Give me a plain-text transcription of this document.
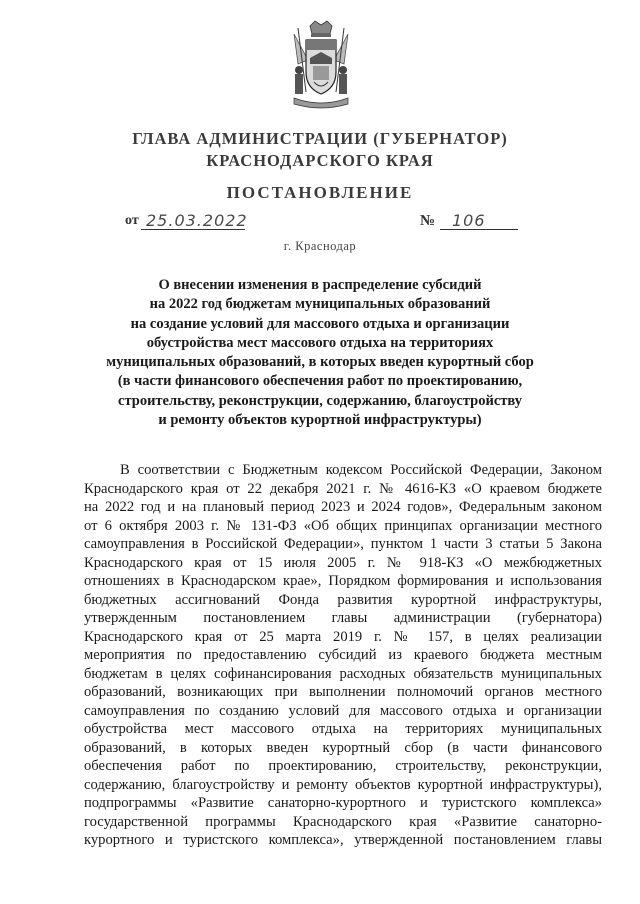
ГЛАВА АДМИНИСТРАЦИИ (ГУБЕРНАТОР)
КРАСНОДАРСКОГО КРАЯ
ПОСТАНОВЛЕНИЕ
от 25.03.2022	№ 106
г. Краснодар
О внесении изменения в распределение субсидий
на 2022 год бюджетам муниципальных образований
на создание условий для массового отдыха и организации
обустройства мест массового отдыха на территориях
муниципальных образований, в которых введен курортный сбор
(в части финансового обеспечения работ по проектированию,
строительству, реконструкции, содержанию, благоустройству
и ремонту объектов курортной инфраструктуры)
В соответствии с Бюджетным кодексом Российской Федерации, Законом
Краснодарского края от 22 декабря 2021 г. № 4616-КЗ «О краевом бюджете
на 2022 год и на плановый период 2023 и 2024 годов», Федеральным законом
от 6 октября 2003 г. № 131-ФЗ «Об общих принципах организации местного
самоуправления в Российской Федерации», пунктом 1 части 3 статьи 5 Закона
Краснодарского края от 15 июля 2005 г. № 918-КЗ «О межбюджетных
отношениях в Краснодарском крае», Порядком формирования и использования
бюджетных ассигнований Фонда развития курортной инфраструктуры,
утвержденным постановлением главы администрации (губернатора)
Краснодарского края от 25 марта 2019 г. № 157, в целях реализации
мероприятия по предоставлению субсидий из краевого бюджета местным
бюджетам в целях софинансирования расходных обязательств муниципальных
образований, возникающих при выполнении полномочий органов местного
самоуправления по созданию условий для массового отдыха и организации
обустройства мест массового отдыха на территориях муниципальных
образований, в которых введен курортный сбор (в части финансового
обеспечения работ по проектированию, строительству, реконструкции,
содержанию, благоустройству и ремонту объектов курортной инфраструктуры),
подпрограммы «Развитие санаторно-курортного и туристского комплекса»
государственной программы Краснодарского края «Развитие санаторно-
курортного и туристского комплекса», утвержденной постановлением главы
